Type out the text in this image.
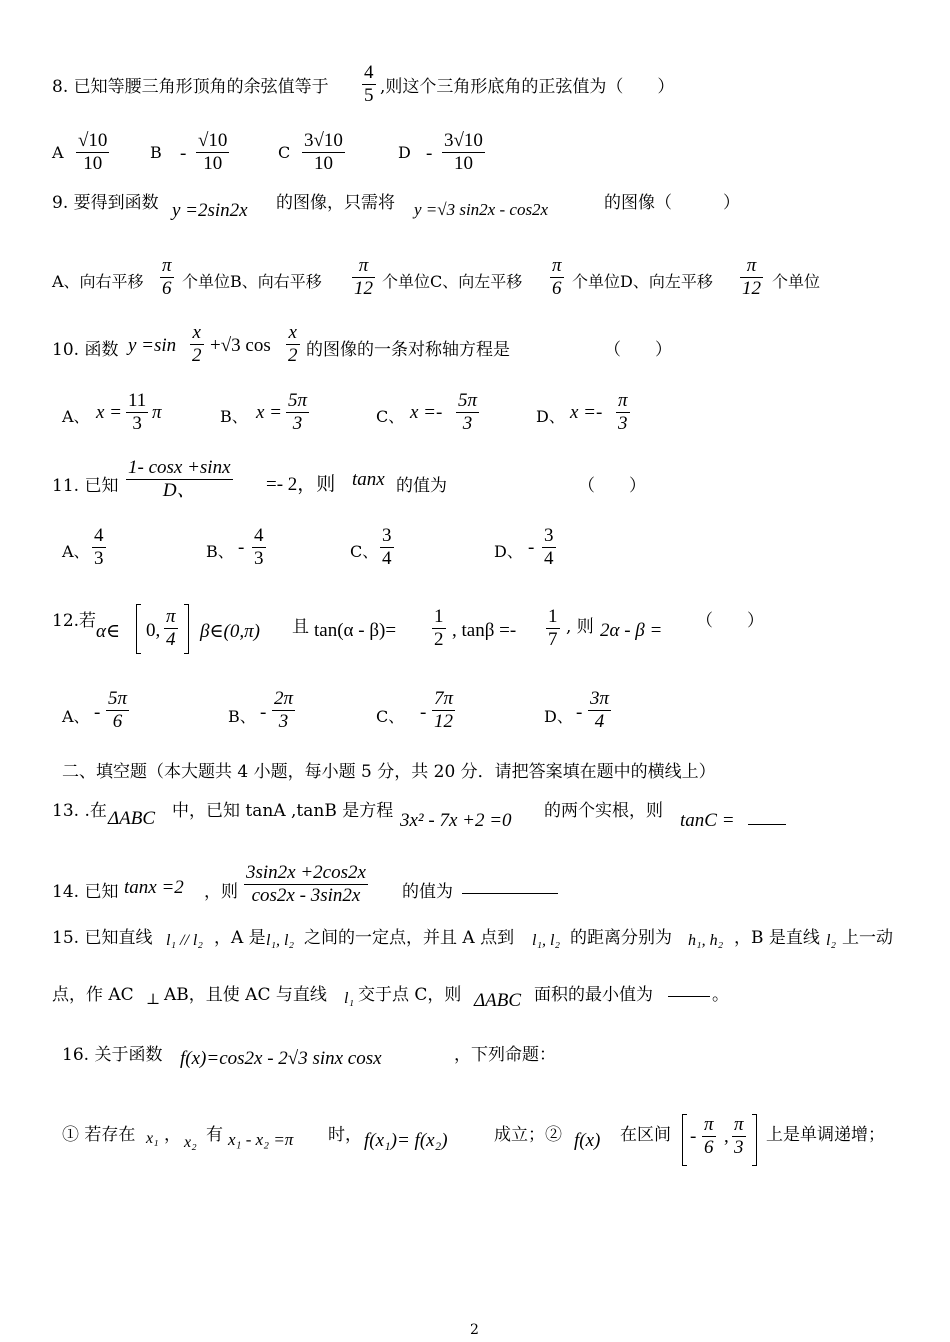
8. 已知等腰三角形顶角的余弦值等于 $\frac{4}{5}$ ,则这个三角形底角的正弦值为（　　）
A $\frac{√10}{10}$	B - $\frac{√10}{10}$	C $\frac{3√10}{10}$	D - $\frac{3√10}{10}$
9. 要得到函数 y =2sin2x 的图像，只需将 y =√3 sin2x - cos2x	的图像（　　　）
A、向右平移 $\frac{\pi}{6}$ 个单位B、向右平移 $\frac{\pi}{12}$ 个单位C、向左平移 $\frac{\pi}{6}$ 个单位D、向左平移 $\frac{\pi}{12}$ 个单位
10. 函数 $y =\sin \frac{x}{2} +√3$ $\cos \frac{x}{2}$ 的图像的一条对称轴方程是	（　　）
A、 $x = \frac{11}{3}$ π	B、 $x = \frac{5\pi}{3}$	C、 $x =- \frac{5\pi}{3}$	D、 $x =- \frac{\pi}{3}$
11. 已知 $\frac{1- \cos x +\sin x}{D、} =- 2$，则 tanx 的值为	（　　）
A、 $\frac{4}{3}$	B、 - $\frac{4}{3}$	C、 $\frac{3}{4}$	D、 - $\frac{3}{4}$
12.若 α∈ 0, $\frac{\pi}{4}$ β∈(0,π) 且 $\tan(\alpha - \beta)= \frac{1}{2}$ , $\tan\beta =- \frac{1}{7}$ , 则 2α - β = （　　）
A、 - $\frac{5\pi}{6}$	B、 - $\frac{2\pi}{3}$	C、 - $\frac{7\pi}{12}$	D、 - $\frac{3\pi}{4}$
二、填空题（本大题共 4 小题，每小题 5 分，共 20 分．请把答案填在题中的横线上）
13. .在 ΔABC 中，已知 tanA ,tanB 是方程 3x² - 7x +2 =0 的两个实根，则 tanC =
14. 已知 tanx =2 ，则 $\frac{3\sin 2x +2\cos 2x}{\cos 2x - 3\sin 2x}$ 的值为
15. 已知直线 l₁ // l₂ ，A 是 l₁, l₂ 之间的一定点，并且 A 点到 l₁, l₂ 的距离分别为 h₁, h₂ ，B 是直线 l₂ 上一动
点，作 AC ⊥ AB，且使 AC 与直线 l₁ 交于点 C，则 ΔABC 面积的最小值为	。
16. 关于函数 f(x)=cos2x - 2√3 sinx cosx	，下列命题：
① 若存在 x₁ ， x₂ 有 x₁ - x₂ =π 时， f(x₁)= f(x₂)	成立；② f(x) 在区间 - $\frac{\pi}{6}$ , $\frac{\pi}{3}$ 上是单调递增；
2
